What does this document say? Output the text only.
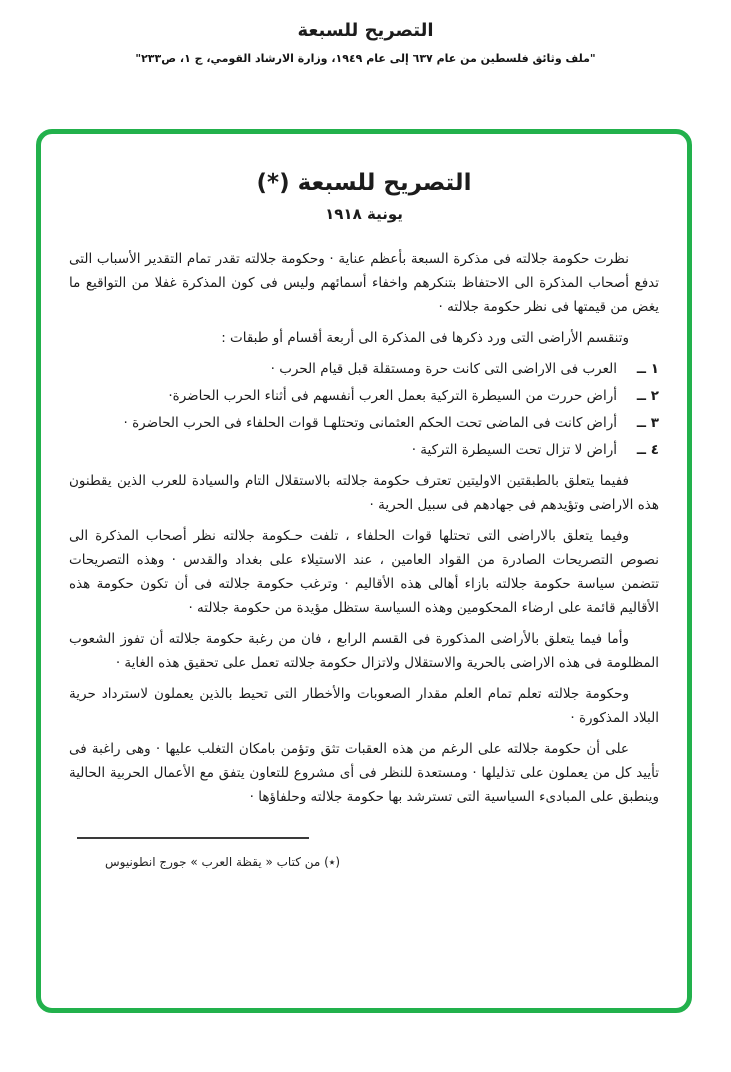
التصريح للسبعة
"ملف وثائق فلسطين من عام ٦٣٧ إلى عام ١٩٤٩، وزارة الارشاد القومي، ج ١، ص٢٣٣"
التصريح للسبعة (*)
يونية ١٩١٨

نظرت حكومة جلالته فى مذكرة السبعة بأعظم عناية · وحكومة جلالته تقدر تمام التقدير الأسباب التى تدفع أصحاب المذكرة الى الاحتفاظ بتنكرهم واخفاء أسمائهم وليس فى كون المذكرة غفلا من التواقيع ما يغض من قيمتها فى نظر حكومة جلالته ·

وتنقسم الأراضى التى ورد ذكرها فى المذكرة الى أربعة أقسام أو طبقات :

١ ــ
العرب فى الاراضى التى كانت حرة ومستقلة قبل قيام الحرب ·
٢ ــ
أراض حررت من السيطرة التركية بعمل العرب أنفسهم فى أثناء الحرب الحاضرة·
٣ ــ
أراض كانت فى الماضى تحت الحكم العثمانى وتحتلهـا قوات الحلفاء فى الحرب الحاضرة ·
٤ ــ
أراض لا تزال تحت السيطرة التركية ·

ففيما يتعلق بالطبقتين الاوليتين تعترف حكومة جلالته بالاستقلال التام والسيادة للعرب الذين يقطنون هذه الاراضى وتؤيدهم فى جهادهم فى سبيل الحرية ·

وفيما يتعلق بالاراضى التى تحتلها قوات الحلفاء ، تلفت حـكومة جلالته نظر أصحاب المذكرة الى نصوص التصريحات الصادرة من القواد العامين ، عند الاستيلاء على بغداد والقدس · وهذه التصريحات تتضمن سياسة حكومة جلالته بازاء أهالى هذه الأقاليم · وترغب حكومة جلالته فى أن تكون حكومة هذه الأقاليم قائمة على ارضاء المحكومين وهذه السياسة ستظل مؤيدة من حكومة جلالته ·

وأما فيما يتعلق بالأراضى المذكورة فى القسم الرابع ، فان من رغبة حكومة جلالته أن تفوز الشعوب المظلومة فى هذه الاراضى بالحرية والاستقلال ولاتزال حكومة جلالته تعمل على تحقيق هذه الغاية ·

وحكومة جلالته تعلم تمام العلم مقدار الصعوبات والأخطار التى تحيط بالذين يعملون لاسترداد حرية البلاد المذكورة ·

على أن حكومة جلالته على الرغم من هذه العقبات تثق وتؤمن بامكان التغلب عليها · وهى راغبة فى تأييد كل من يعملون على تذليلها · ومستعدة للنظر فى أى مشروع للتعاون يتفق مع الأعمال الحربية الحالية وينطبق على المبادىء السياسية التى تسترشد بها حكومة جلالته وحلفاؤها ·

(٭) من كتاب « يقظة العرب » جورج انطونيوس
